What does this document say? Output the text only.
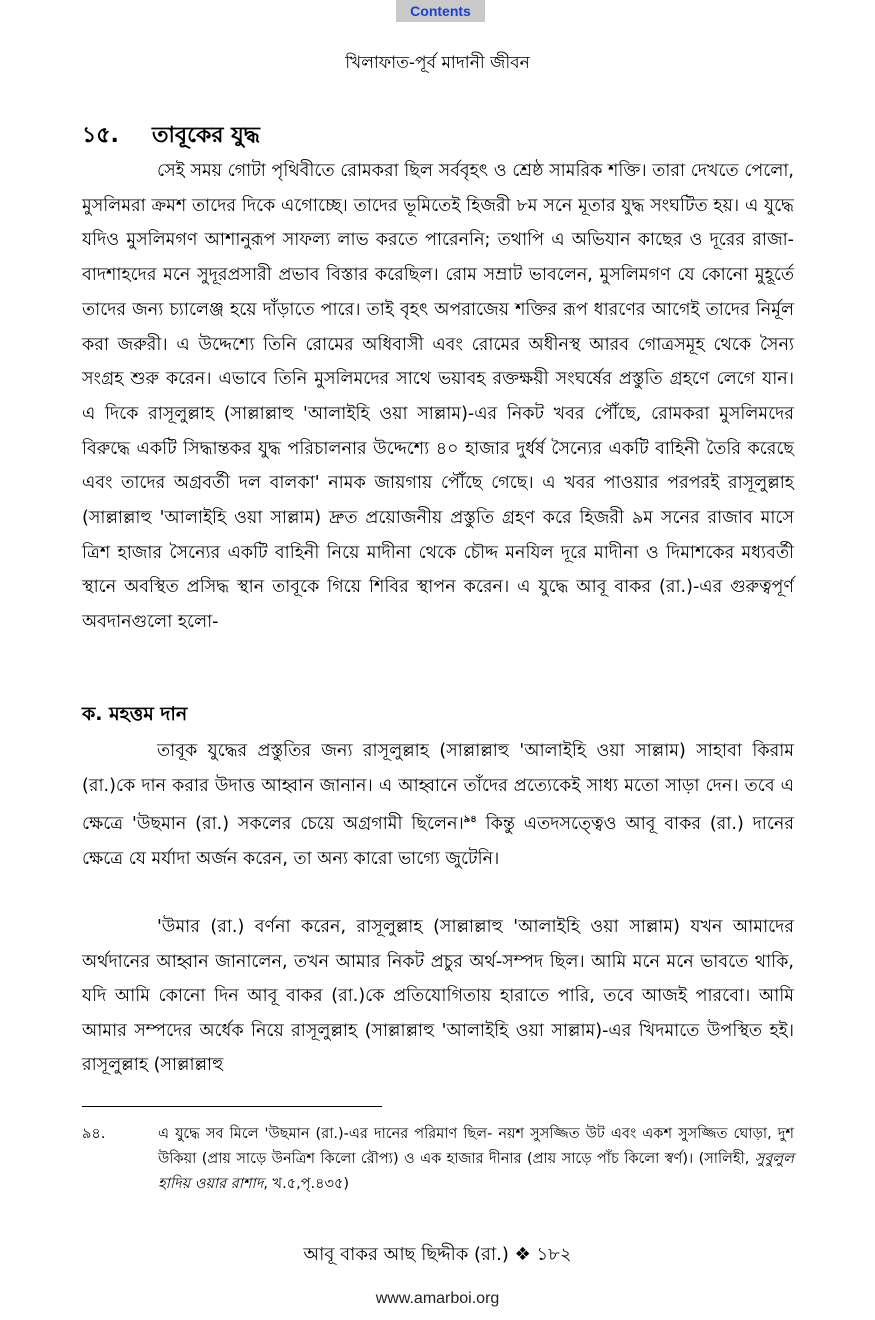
Contents
খিলাফাত-পূর্ব মাদানী জীবন
১৫. তাবূকের যুদ্ধ

সেই সময় গোটা পৃথিবীতে রোমকরা ছিল সর্ববৃহৎ ও শ্রেষ্ঠ সামরিক শক্তি। তারা দেখতে পেলো, মুসলিমরা ক্রমশ তাদের দিকে এগোচ্ছে। তাদের ভূমিতেই হিজরী ৮ম সনে মূতার যুদ্ধ সংঘটিত হয়। এ যুদ্ধে যদিও মুসলিমগণ আশানুরূপ সাফল্য লাভ করতে পারেননি; তথাপি এ অভিযান কাছের ও দূরের রাজা-বাদশাহদের মনে সুদূরপ্রসারী প্রভাব বিস্তার করেছিল। রোম সম্রাট ভাবলেন, মুসলিমগণ যে কোনো মুহূর্তে তাদের জন্য চ্যালেঞ্জ হয়ে দাঁড়াতে পারে। তাই বৃহৎ অপরাজেয় শক্তির রূপ ধারণের আগেই তাদের নির্মূল করা জরুরী। এ উদ্দেশ্যে তিনি রোমের অধিবাসী এবং রোমের অধীনস্থ আরব গোত্রসমূহ থেকে সৈন্য সংগ্রহ শুরু করেন। এভাবে তিনি মুসলিমদের সাথে ভয়াবহ রক্তক্ষয়ী সংঘর্ষের প্রস্তুতি গ্রহণে লেগে যান। এ দিকে রাসূলুল্লাহ (সাল্লাল্লাহু 'আলাইহি ওয়া সাল্লাম)-এর নিকট খবর পৌঁছে, রোমকরা মুসলিমদের বিরুদ্ধে একটি সিদ্ধান্তকর যুদ্ধ পরিচালনার উদ্দেশ্যে ৪০ হাজার দুর্ধর্ষ সৈন্যের একটি বাহিনী তৈরি করেছে এবং তাদের অগ্রবর্তী দল বালকা' নামক জায়গায় পৌঁছে গেছে। এ খবর পাওয়ার পরপরই রাসূলুল্লাহ (সাল্লাল্লাহু 'আলাইহি ওয়া সাল্লাম) দ্রুত প্রয়োজনীয় প্রস্তুতি গ্রহণ করে হিজরী ৯ম সনের রাজাব মাসে ত্রিশ হাজার সৈন্যের একটি বাহিনী নিয়ে মাদীনা থেকে চৌদ্দ মনযিল দূরে মাদীনা ও দিমাশকের মধ্যবর্তী স্থানে অবস্থিত প্রসিদ্ধ স্থান তাবূকে গিয়ে শিবির স্থাপন করেন। এ যুদ্ধে আবূ বাকর (রা.)-এর গুরুত্বপূর্ণ অবদানগুলো হলো-

ক. মহত্তম দান

তাবূক যুদ্ধের প্রস্তুতির জন্য রাসূলুল্লাহ (সাল্লাল্লাহু 'আলাইহি ওয়া সাল্লাম) সাহাবা কিরাম (রা.)কে দান করার উদাত্ত আহ্বান জানান। এ আহ্বানে তাঁদের প্রত্যেকেই সাধ্য মতো সাড়া দেন। তবে এ ক্ষেত্রে 'উছমান (রা.) সকলের চেয়ে অগ্রগামী ছিলেন।$^{৯৪}$ কিন্তু এতদসত্ত্বেও আবূ বাকর (রা.) দানের ক্ষেত্রে যে মর্যাদা অর্জন করেন, তা অন্য কারো ভাগ্যে জুটেনি।

'উমার (রা.) বর্ণনা করেন, রাসূলুল্লাহ (সাল্লাল্লাহু 'আলাইহি ওয়া সাল্লাম) যখন আমাদের অর্থদানের আহ্বান জানালেন, তখন আমার নিকট প্রচুর অর্থ-সম্পদ ছিল। আমি মনে মনে ভাবতে থাকি, যদি আমি কোনো দিন আবূ বাকর (রা.)কে প্রতিযোগিতায় হারাতে পারি, তবে আজই পারবো। আমি আমার সম্পদের অর্ধেক নিয়ে রাসূলুল্লাহ (সাল্লাল্লাহু 'আলাইহি ওয়া সাল্লাম)-এর খিদমাতে উপস্থিত হই। রাসূলুল্লাহ (সাল্লাল্লাহু

৯৪.	এ যুদ্ধে সব মিলে 'উছমান (রা.)-এর দানের পরিমাণ ছিল- নয়শ সুসজ্জিত উট এবং একশ সুসজ্জিত ঘোড়া, দুশ উকিয়া (প্রায় সাড়ে উনত্রিশ কিলো রৌপ্য) ও এক হাজার দীনার (প্রায় সাড়ে পাঁচ কিলো স্বর্ণ)। (সালিহী, সুবুলুল হাদিয় ওয়ার রাশাদ, খ.৫,পৃ.৪৩৫)
আবূ বাকর আছ ছিদ্দীক (রা.) ❖ ১৮২
www.amarboi.org
